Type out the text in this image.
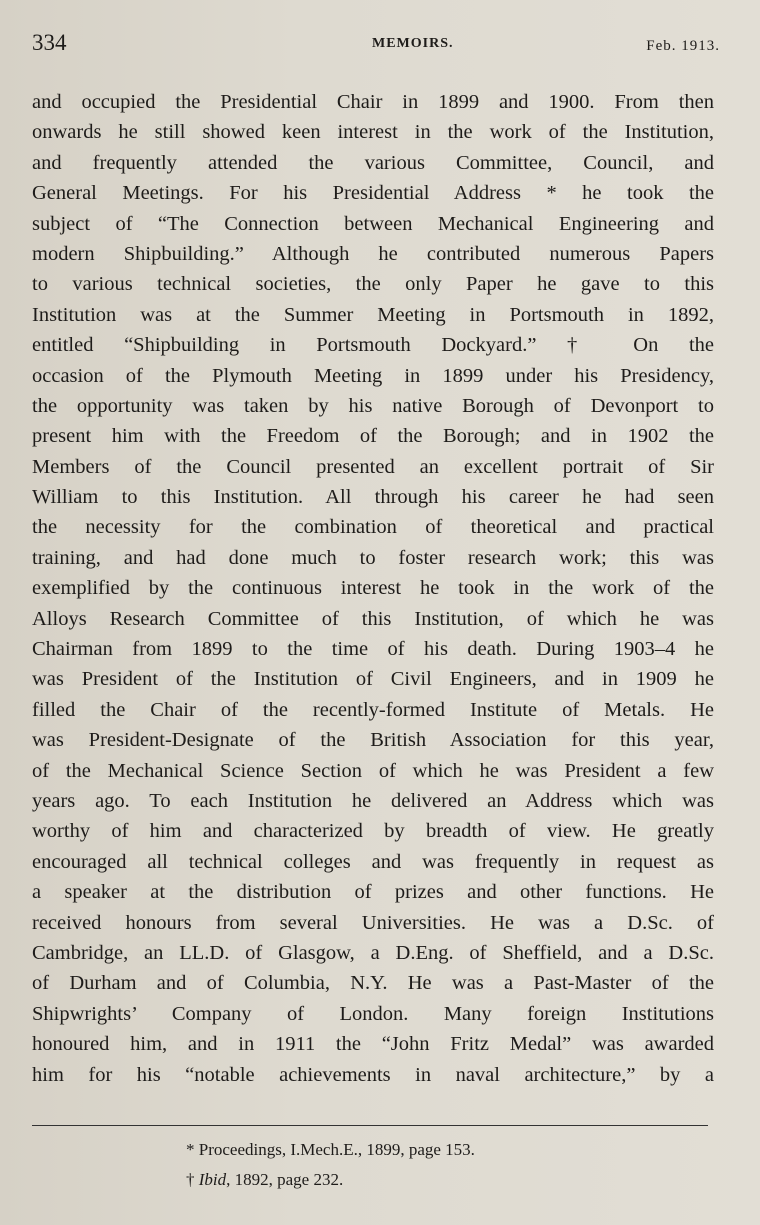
334	MEMOIRS.	Feb. 1913.
and occupied the Presidential Chair in 1899 and 1900. From then
onwards he still showed keen interest in the work of the Institution,
and frequently attended the various Committee, Council, and
General Meetings. For his Presidential Address * he took the
subject of “The Connection between Mechanical Engineering and
modern Shipbuilding.” Although he contributed numerous Papers
to various technical societies, the only Paper he gave to this
Institution was at the Summer Meeting in Portsmouth in 1892,
entitled “Shipbuilding in Portsmouth Dockyard.” † On the
occasion of the Plymouth Meeting in 1899 under his Presidency,
the opportunity was taken by his native Borough of Devonport to
present him with the Freedom of the Borough; and in 1902 the
Members of the Council presented an excellent portrait of Sir
William to this Institution. All through his career he had seen
the necessity for the combination of theoretical and practical
training, and had done much to foster research work; this was
exemplified by the continuous interest he took in the work of the
Alloys Research Committee of this Institution, of which he was
Chairman from 1899 to the time of his death. During 1903–4 he
was President of the Institution of Civil Engineers, and in 1909 he
filled the Chair of the recently-formed Institute of Metals. He
was President-Designate of the British Association for this year,
of the Mechanical Science Section of which he was President a few
years ago. To each Institution he delivered an Address which was
worthy of him and characterized by breadth of view. He greatly
encouraged all technical colleges and was frequently in request as
a speaker at the distribution of prizes and other functions. He
received honours from several Universities. He was a D.Sc. of
Cambridge, an LL.D. of Glasgow, a D.Eng. of Sheffield, and a D.Sc.
of Durham and of Columbia, N.Y. He was a Past-Master of the
Shipwrights’ Company of London. Many foreign Institutions
honoured him, and in 1911 the “John Fritz Medal” was awarded
him for his “notable achievements in naval architecture,” by a
* Proceedings, I.Mech.E., 1899, page 153.
† Ibid, 1892, page 232.
